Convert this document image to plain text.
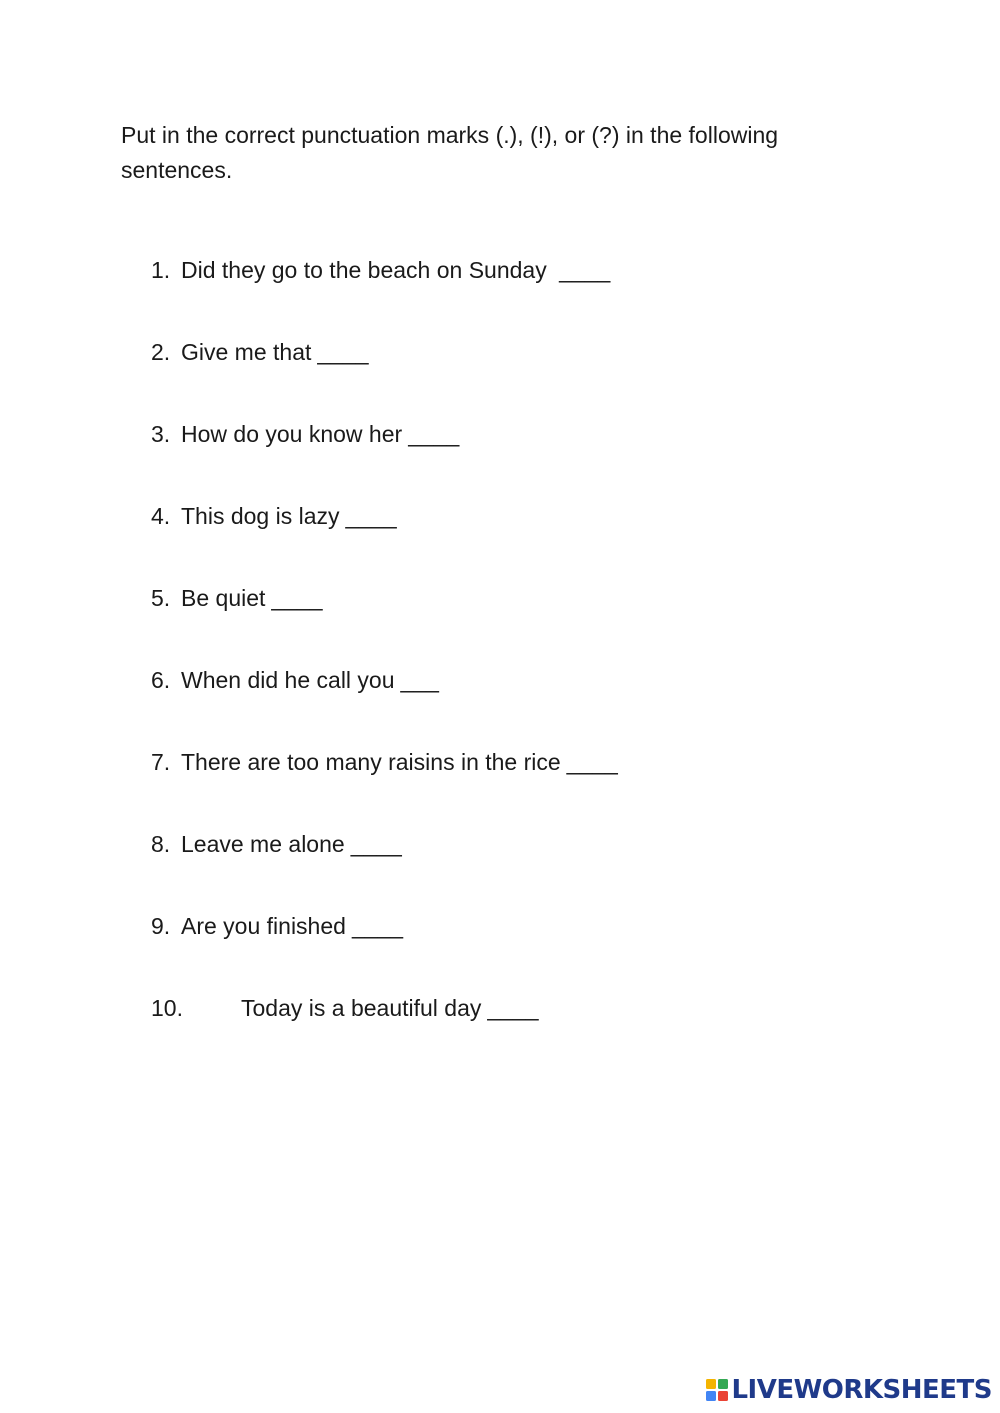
Put in the correct punctuation marks (.), (!), or (?) in the following sentences.

1. Did they go to the beach on Sunday ____
2. Give me that ____
3. How do you know her ____
4. This dog is lazy ____
5. Be quiet ____
6. When did he call you ___
7. There are too many raisins in the rice ____
8. Leave me alone ____
9. Are you finished ____
10.	Today is a beautiful day ____
LIVEWORKSHEETS
